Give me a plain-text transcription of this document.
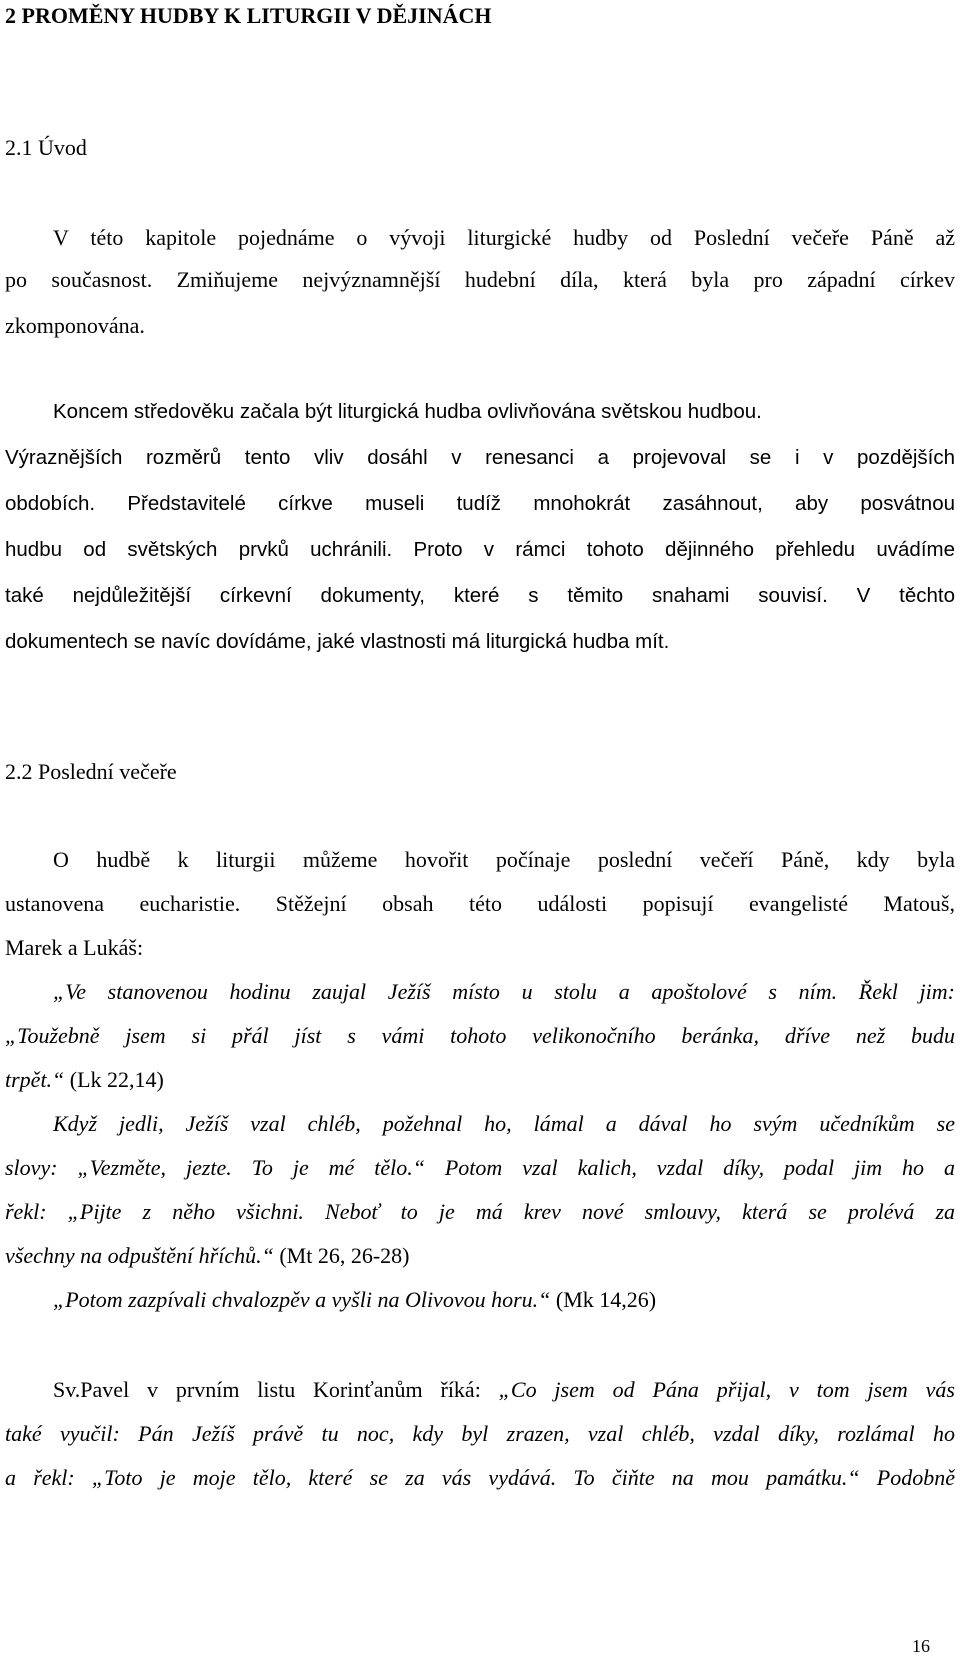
2 PROMĚNY HUDBY K LITURGII V DĚJINÁCH
2.1 Úvod
V této kapitole pojednáme o vývoji liturgické hudby od Poslední večeře Páně až
po současnost. Zmiňujeme nejvýznamnější hudební díla, která byla pro západní církev
zkomponována.
Koncem středověku začala být liturgická hudba ovlivňována světskou hudbou.
Výraznějších rozměrů tento vliv dosáhl v renesanci a projevoval se i v pozdějších
obdobích. Představitelé církve museli tudíž mnohokrát zasáhnout, aby posvátnou
hudbu od světských prvků uchránili. Proto v rámci tohoto dějinného přehledu uvádíme
také nejdůležitější církevní dokumenty, které s těmito snahami souvisí. V těchto
dokumentech se navíc dovídáme, jaké vlastnosti má liturgická hudba mít.
2.2 Poslední večeře
O hudbě k liturgii můžeme hovořit počínaje poslední večeří Páně, kdy byla
ustanovena eucharistie. Stěžejní obsah této události popisují evangelisté Matouš,
Marek a Lukáš:
„Ve stanovenou hodinu zaujal Ježíš místo u stolu a apoštolové s ním. Řekl jim:
„Toužebně jsem si přál jíst s vámi tohoto velikonočního beránka, dříve než budu
trpět.“ (Lk 22,14)
Když jedli, Ježíš vzal chléb, požehnal ho, lámal a dával ho svým učedníkům se
slovy: „Vezměte, jezte. To je mé tělo.“ Potom vzal kalich, vzdal díky, podal jim ho a
řekl: „Pijte z něho všichni. Neboť to je má krev nové smlouvy, která se prolévá za
všechny na odpuštění hříchů.“ (Mt 26, 26-28)
„Potom zazpívali chvalozpěv a vyšli na Olivovou horu.“ (Mk 14,26)
Sv.Pavel v prvním listu Korinťanům říká: „Co jsem od Pána přijal, v tom jsem vás
také vyučil: Pán Ježíš právě tu noc, kdy byl zrazen, vzal chléb, vzdal díky, rozlámal ho
a řekl: „Toto je moje tělo, které se za vás vydává. To čiňte na mou památku.“ Podobně
16
